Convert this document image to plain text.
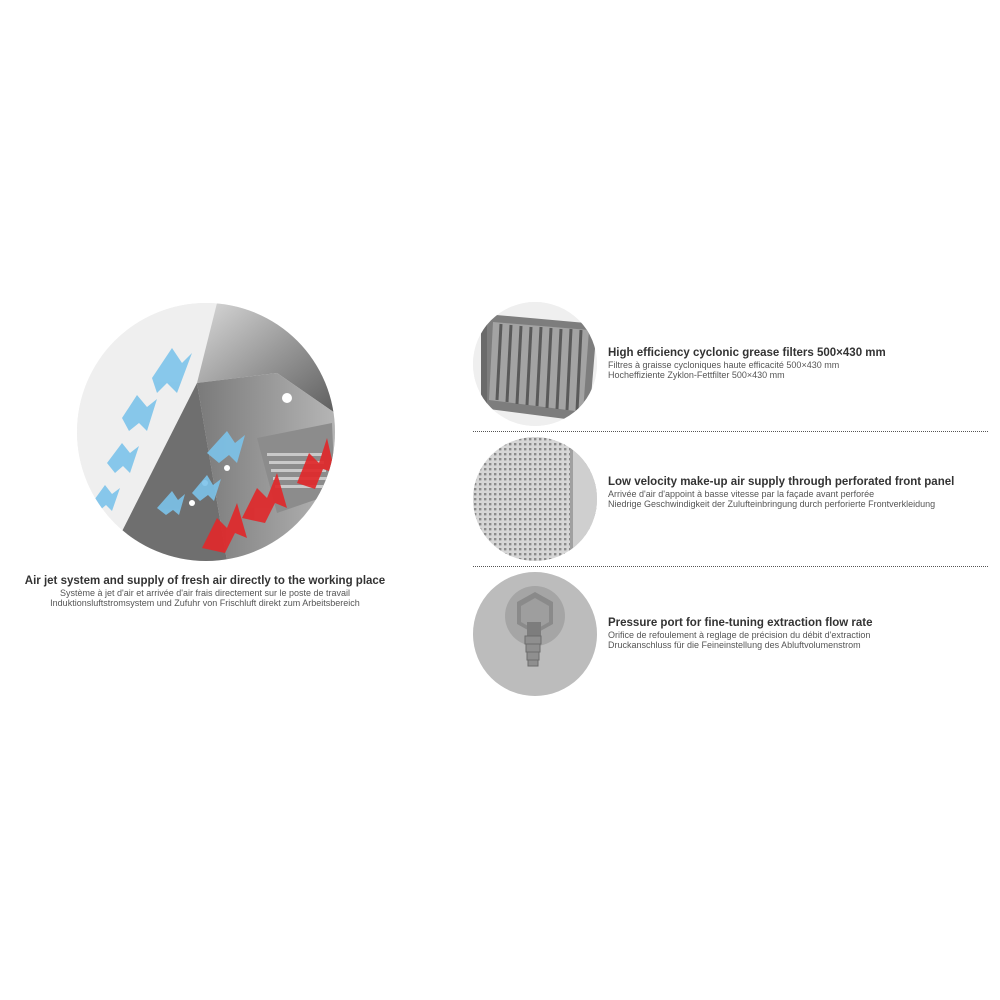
Air jet system and supply of fresh air directly to the working place
Système à jet d'air et arrivée d'air frais directement sur le poste de travail
Induktionsluftstromsystem und Zufuhr von Frischluft direkt zum Arbeitsbereich
High efficiency cyclonic grease filters 500×430 mm
Filtres à graisse cycloniques haute efficacité 500×430 mm
Hocheffiziente Zyklon-Fettfilter 500×430 mm
Low velocity make-up air supply through perforated front panel
Arrivée d'air d'appoint à basse vitesse par la façade avant perforée
Niedrige Geschwindigkeit der Zulufteinbringung durch perforierte Frontverkleidung
Pressure port for fine-tuning extraction flow rate
Orifice de refoulement à reglage de précision du débit d'extraction
Druckanschluss für die Feineinstellung des Abluftvolumenstrom
